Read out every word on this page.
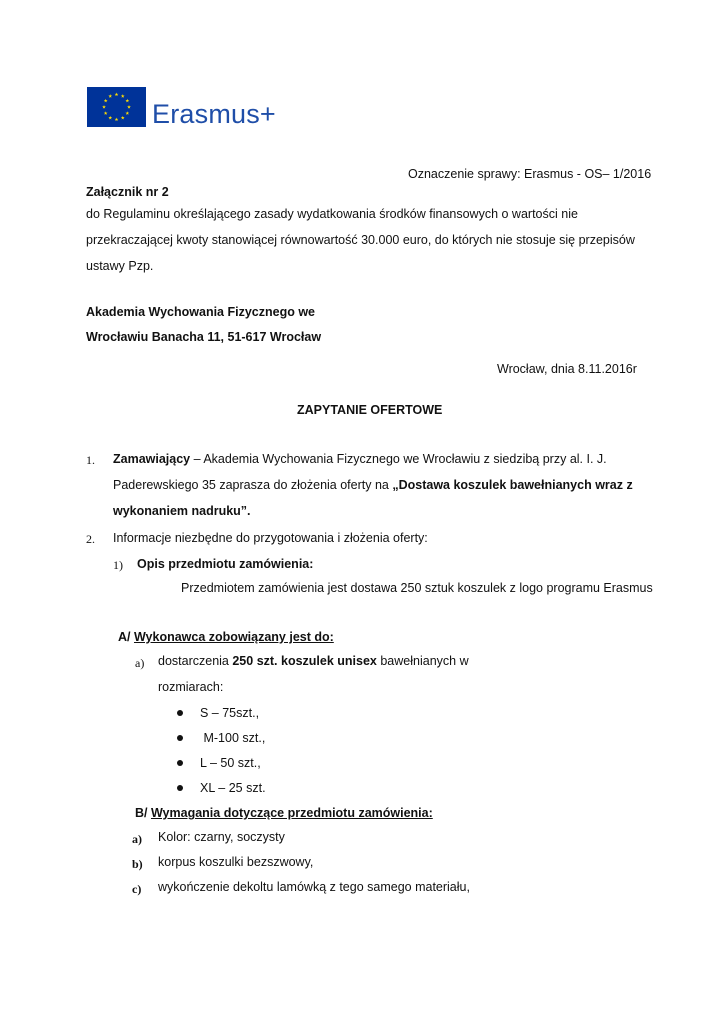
Erasmus+
Oznaczenie sprawy: Erasmus - OS– 1/2016
Załącznik nr 2
do Regulaminu określającego zasady wydatkowania środków finansowych o wartości nie
przekraczającej kwoty stanowiącej równowartość 30.000 euro, do których nie stosuje się przepisów
ustawy Pzp.
Akademia Wychowania Fizycznego we
Wrocławiu Banacha 11, 51-617 Wrocław
Wrocław, dnia 8.11.2016r
ZAPYTANIE OFERTOWE
1. Zamawiający – Akademia Wychowania Fizycznego we Wrocławiu z siedzibą przy al. I. J.
Paderewskiego 35 zaprasza do złożenia oferty na „Dostawa koszulek bawełnianych wraz z
wykonaniem nadruku”.
2. Informacje niezbędne do przygotowania i złożenia oferty:
1) Opis przedmiotu zamówienia:
Przedmiotem zamówienia jest dostawa 250 sztuk koszulek z logo programu Erasmus
A/ Wykonawca zobowiązany jest do:
a) dostarczenia 250 szt. koszulek unisex bawełnianych w
rozmiarach:
S – 75szt.,
M-100 szt.,
L – 50 szt.,
XL – 25 szt.
B/ Wymagania dotyczące przedmiotu zamówienia:
a) Kolor: czarny, soczysty
b) korpus koszulki bezszwowy,
c) wykończenie dekoltu lamówką z tego samego materiału,
